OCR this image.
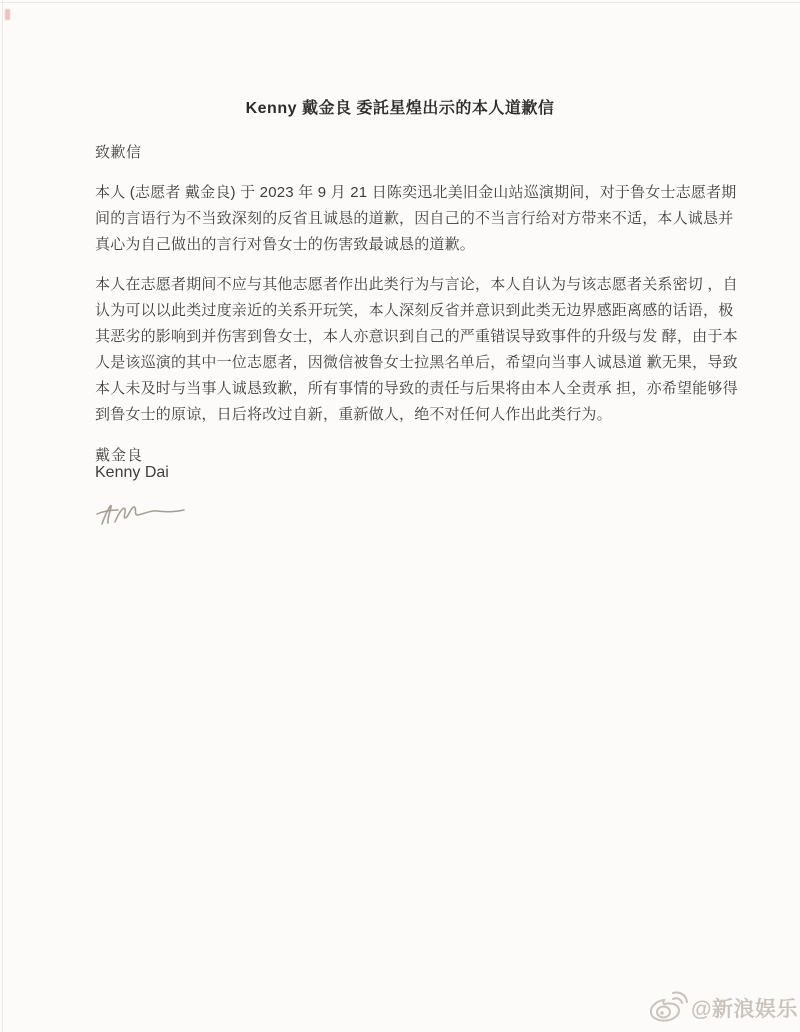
Kenny 戴金良 委託星煌出示的本人道歉信
致歉信
本人 (志愿者 戴金良) 于 2023 年 9 月 21 日陈奕迅北美旧金山站巡演期间，对于鲁女士志愿者期
间的言语行为不当致深刻的反省且诚恳的道歉，因自己的不当言行给对方带来不适，本人诚恳并
真心为自己做出的言行对鲁女士的伤害致最诚恳的道歉。
本人在志愿者期间不应与其他志愿者作出此类行为与言论，本人自认为与该志愿者关系密切 ，自
认为可以以此类过度亲近的关系开玩笑，本人深刻反省并意识到此类无边界感距离感的话语，极
其恶劣的影响到并伤害到鲁女士，本人亦意识到自己的严重错误导致事件的升级与发 酵，由于本
人是该巡演的其中一位志愿者，因微信被鲁女士拉黑名单后，希望向当事人诚恳道 歉无果，导致
本人未及时与当事人诚恳致歉，所有事情的导致的责任与后果将由本人全责承 担，亦希望能够得
到鲁女士的原谅，日后将改过自新，重新做人，绝不对任何人作出此类行为。
戴金良
Kenny Dai
@新浪娱乐
